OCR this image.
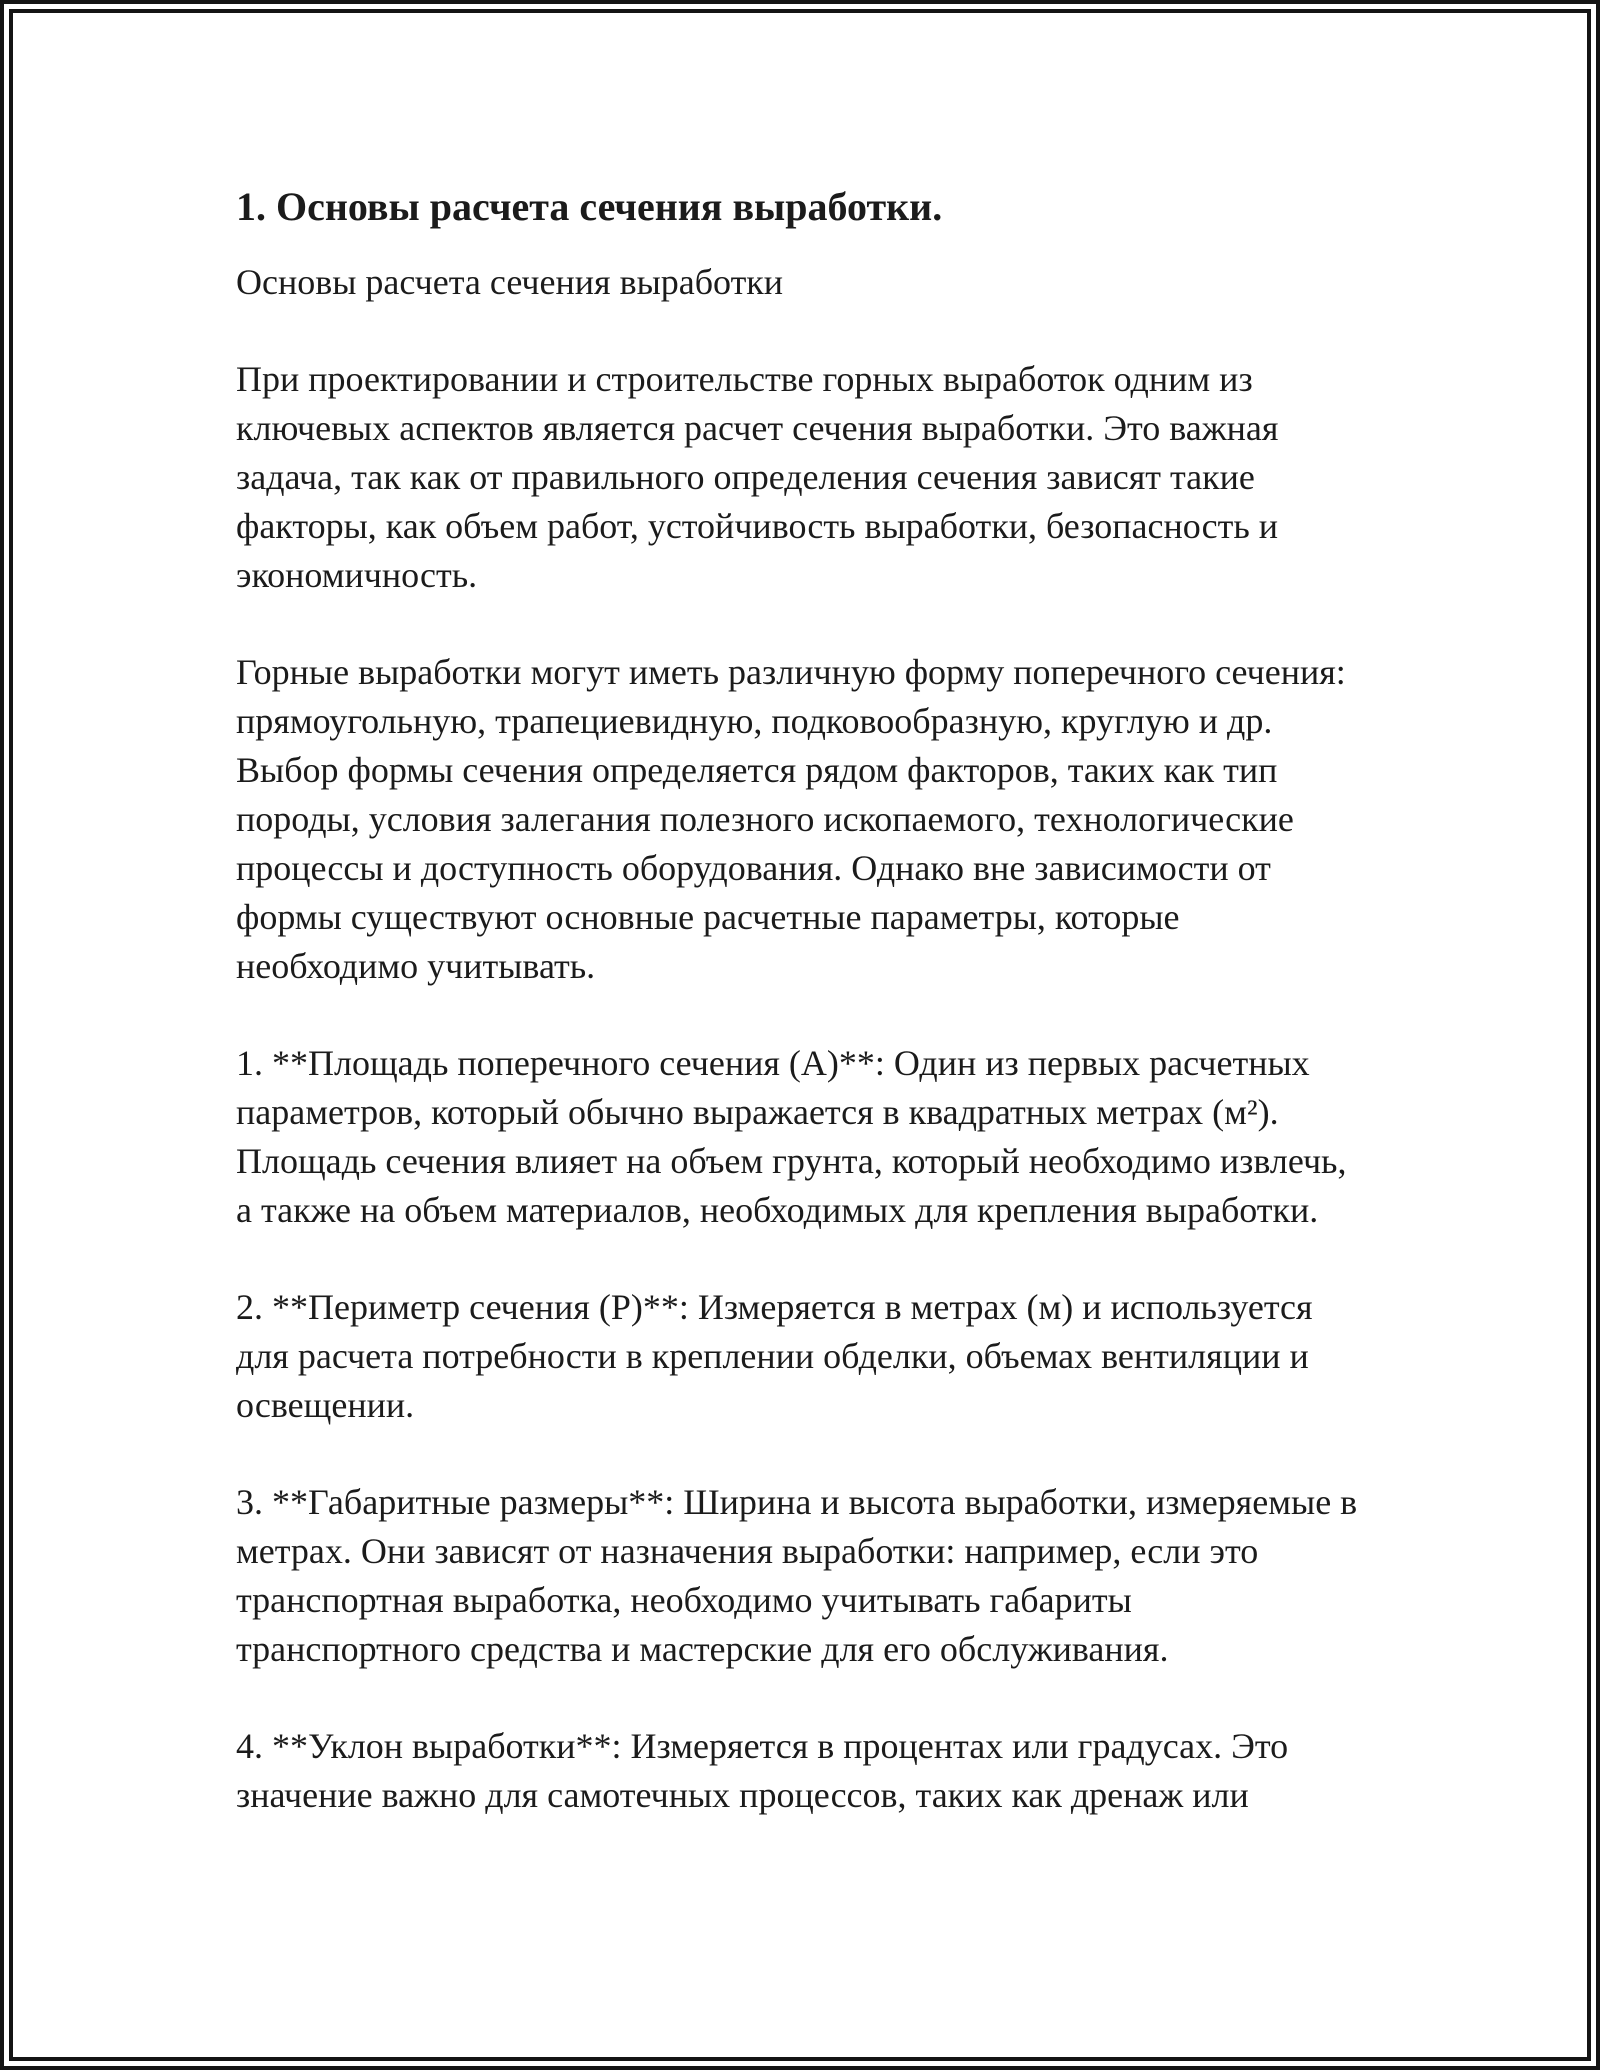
1. Основы расчета сечения выработки.

Основы расчета сечения выработки

При проектировании и строительстве горных выработок одним из ключевых аспектов является расчет сечения выработки. Это важная задача, так как от правильного определения сечения зависят такие факторы, как объем работ, устойчивость выработки, безопасность и экономичность.

Горные выработки могут иметь различную форму поперечного сечения: прямоугольную, трапециевидную, подковообразную, круглую и др. Выбор формы сечения определяется рядом факторов, таких как тип породы, условия залегания полезного ископаемого, технологические процессы и доступность оборудования. Однако вне зависимости от формы существуют основные расчетные параметры, которые необходимо учитывать.

1. **Площадь поперечного сечения (A)**: Один из первых расчетных параметров, который обычно выражается в квадратных метрах (м²). Площадь сечения влияет на объем грунта, который необходимо извлечь, а также на объем материалов, необходимых для крепления выработки.

2. **Периметр сечения (P)**: Измеряется в метрах (м) и используется для расчета потребности в креплении обделки, объемах вентиляции и освещении.

3. **Габаритные размеры**: Ширина и высота выработки, измеряемые в метрах. Они зависят от назначения выработки: например, если это транспортная выработка, необходимо учитывать габариты транспортного средства и мастерские для его обслуживания.

4. **Уклон выработки**: Измеряется в процентах или градусах. Это значение важно для самотечных процессов, таких как дренаж или
